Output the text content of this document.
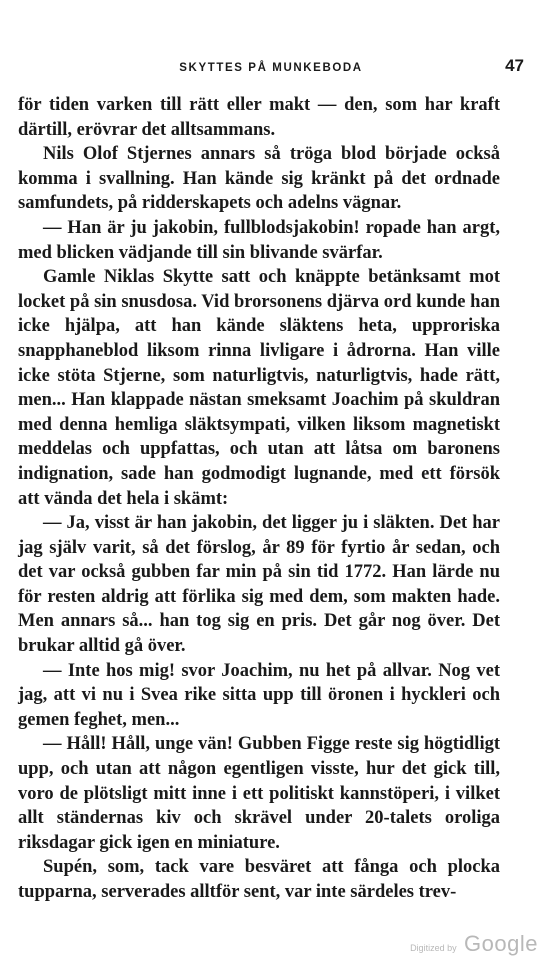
SKYTTES PÅ MUNKEBODA	47

för tiden varken till rätt eller makt — den, som har kraft därtill, erövrar det alltsammans.

Nils Olof Stjernes annars så tröga blod började också komma i svallning. Han kände sig kränkt på det ordnade samfundets, på ridderskapets och adelns vägnar.

— Han är ju jakobin, fullblodsjakobin! ropade han argt, med blicken vädjande till sin blivande svärfar.

Gamle Niklas Skytte satt och knäppte betänksamt mot locket på sin snusdosa. Vid brorsonens djärva ord kunde han icke hjälpa, att han kände släktens heta, upproriska snapphaneblod liksom rinna livligare i ådrorna. Han ville icke stöta Stjerne, som naturligtvis, naturligtvis, hade rätt, men... Han klappade nästan smeksamt Joachim på skuldran med denna hemliga släktsympati, vilken liksom magnetiskt meddelas och uppfattas, och utan att låtsa om baronens indignation, sade han godmodigt lugnande, med ett försök att vända det hela i skämt:

— Ja, visst är han jakobin, det ligger ju i släkten. Det har jag själv varit, så det förslog, år 89 för fyrtio år sedan, och det var också gubben far min på sin tid 1772. Han lärde nu för resten aldrig att förlika sig med dem, som makten hade. Men annars så... han tog sig en pris. Det går nog över. Det brukar alltid gå över.

— Inte hos mig! svor Joachim, nu het på allvar. Nog vet jag, att vi nu i Svea rike sitta upp till öronen i hyckleri och gemen feghet, men...

— Håll! Håll, unge vän! Gubben Figge reste sig högtidligt upp, och utan att någon egentligen visste, hur det gick till, voro de plötsligt mitt inne i ett politiskt kannstöperi, i vilket allt ständernas kiv och skrävel under 20-talets oroliga riksdagar gick igen en miniature.

Supén, som, tack vare besväret att fånga och plocka tupparna, serverades alltför sent, var inte särdeles trev-

Digitized by Google
